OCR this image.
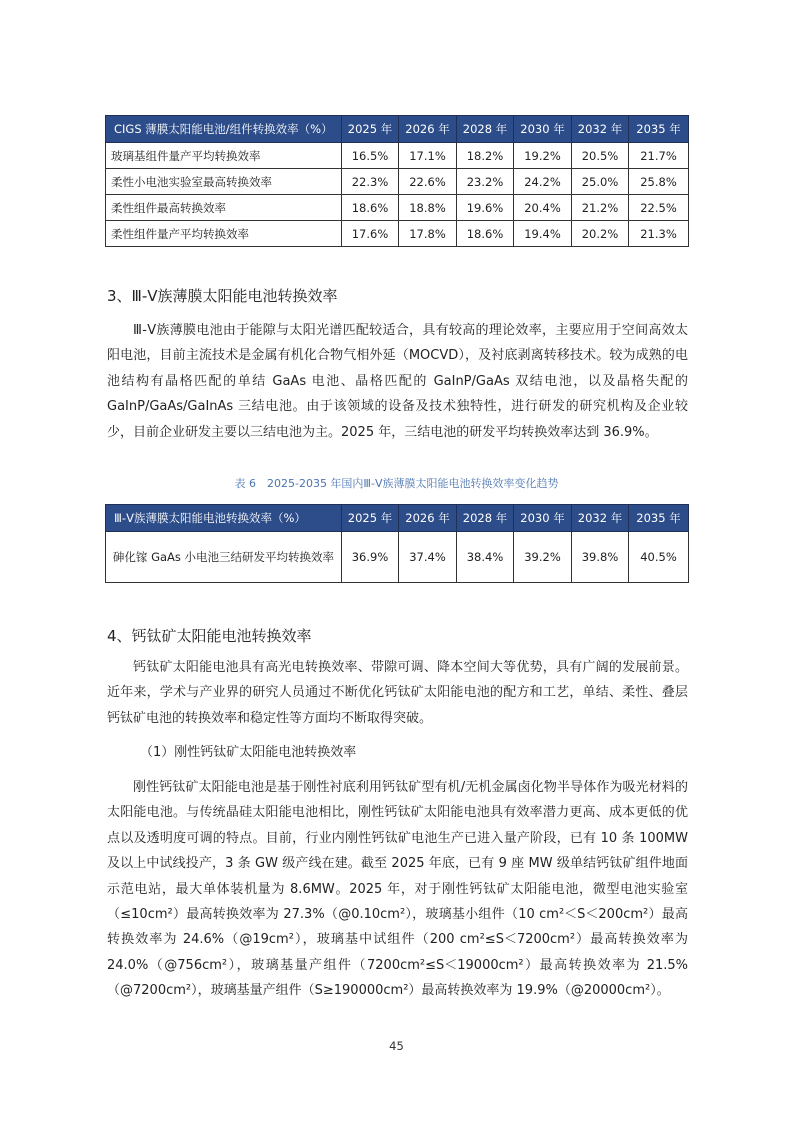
CIGS 薄膜太阳能电池/组件转换效率（%）	2025 年	2026 年	2028 年	2030 年	2032 年	2035 年
玻璃基组件量产平均转换效率	16.5%	17.1%	18.2%	19.2%	20.5%	21.7%
柔性小电池实验室最高转换效率	22.3%	22.6%	23.2%	24.2%	25.0%	25.8%
柔性组件最高转换效率	18.6%	18.8%	19.6%	20.4%	21.2%	22.5%
柔性组件量产平均转换效率	17.6%	17.8%	18.6%	19.4%	20.2%	21.3%
3、Ⅲ-Ⅴ族薄膜太阳能电池转换效率
Ⅲ-Ⅴ族薄膜电池由于能隙与太阳光谱匹配较适合，具有较高的理论效率，主要应用于空间高效太阳电池，目前主流技术是金属有机化合物气相外延（MOCVD），及衬底剥离转移技术。较为成熟的电池结构有晶格匹配的单结 GaAs 电池、晶格匹配的 GaInP/GaAs 双结电池，以及晶格失配的 GaInP/GaAs/GaInAs 三结电池。由于该领域的设备及技术独特性，进行研发的研究机构及企业较少，目前企业研发主要以三结电池为主。2025 年，三结电池的研发平均转换效率达到 36.9%。
表 6　2025-2035 年国内Ⅲ-Ⅴ族薄膜太阳能电池转换效率变化趋势
Ⅲ-Ⅴ族薄膜太阳能电池转换效率（%）	2025 年	2026 年	2028 年	2030 年	2032 年	2035 年
砷化镓 GaAs 小电池三结研发平均转换效率	36.9%	37.4%	38.4%	39.2%	39.8%	40.5%
4、钙钛矿太阳能电池转换效率
钙钛矿太阳能电池具有高光电转换效率、带隙可调、降本空间大等优势，具有广阔的发展前景。近年来，学术与产业界的研究人员通过不断优化钙钛矿太阳能电池的配方和工艺，单结、柔性、叠层钙钛矿电池的转换效率和稳定性等方面均不断取得突破。
（1）刚性钙钛矿太阳能电池转换效率
刚性钙钛矿太阳能电池是基于刚性衬底利用钙钛矿型有机/无机金属卤化物半导体作为吸光材料的太阳能电池。与传统晶硅太阳能电池相比，刚性钙钛矿太阳能电池具有效率潜力更高、成本更低的优点以及透明度可调的特点。目前，行业内刚性钙钛矿电池生产已进入量产阶段，已有 10 条 100MW 及以上中试线投产，3 条 GW 级产线在建。截至 2025 年底，已有 9 座 MW 级单结钙钛矿组件地面示范电站，最大单体装机量为 8.6MW。2025 年，对于刚性钙钛矿太阳能电池，微型电池实验室（≤10cm²）最高转换效率为 27.3%（@0.10cm²），玻璃基小组件（10 cm²＜S＜200cm²）最高转换效率为 24.6%（@19cm²），玻璃基中试组件（200 cm²≤S＜7200cm²）最高转换效率为 24.0%（@756cm²），玻璃基量产组件（7200cm²≤S＜19000cm²）最高转换效率为 21.5%（@7200cm²），玻璃基量产组件（S≥190000cm²）最高转换效率为 19.9%（@20000cm²）。
45
